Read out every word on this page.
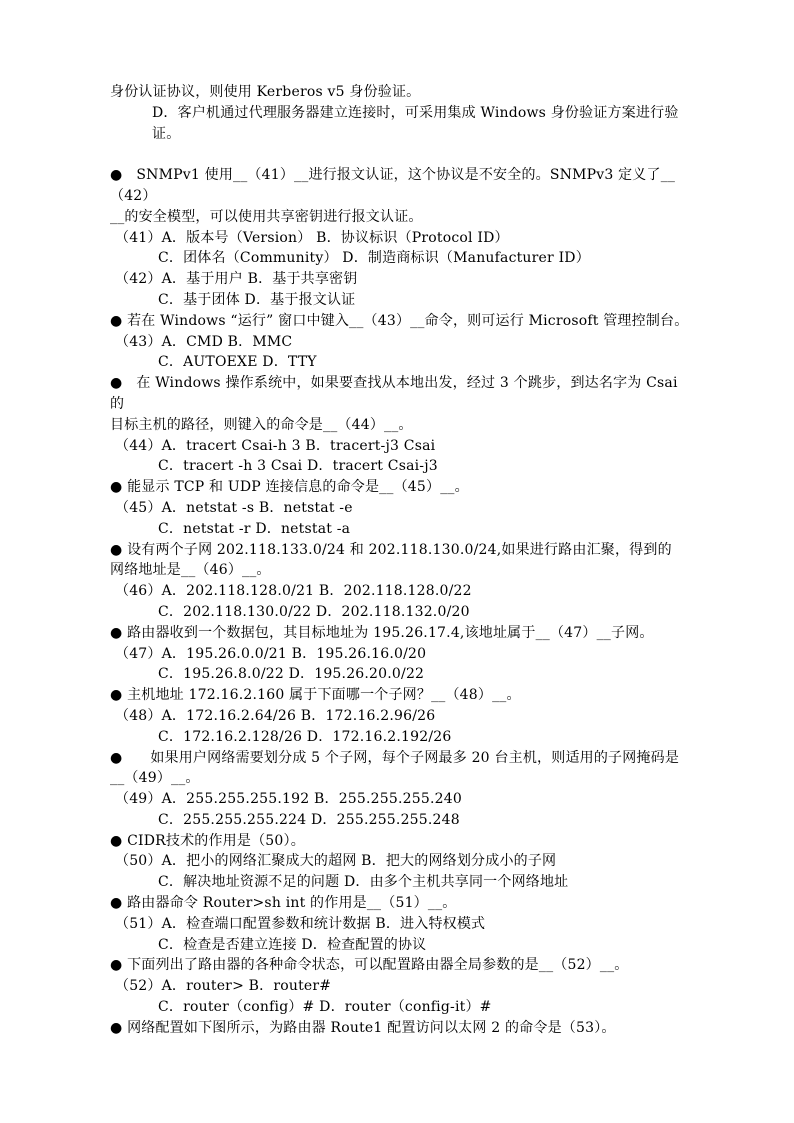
身份认证协议，则使用 Kerberos v5 身份验证。
D．客户机通过代理服务器建立连接时，可采用集成 Windows 身份验证方案进行验证。
●   SNMPv1 使用__（41）__进行报文认证，这个协议是不安全的。SNMPv3 定义了__（42）
__的安全模型，可以使用共享密钥进行报文认证。
（41）A．版本号（Version） B．协议标识（Protocol ID）
C．团体名（Community） D．制造商标识（Manufacturer ID）
（42）A．基于用户 B．基于共享密钥
C．基于团体 D．基于报文认证
● 若在 Windows “运行” 窗口中键入__（43）__命令，则可运行 Microsoft 管理控制台。
（43）A．CMD B．MMC
C．AUTOEXE D．TTY
●   在 Windows 操作系统中，如果要查找从本地出发，经过 3 个跳步，到达名字为 Csai 的
目标主机的路径，则键入的命令是__（44）__。
（44）A．tracert Csai-h 3 B．tracert-j3 Csai
C．tracert -h 3 Csai D．tracert Csai-j3
● 能显示 TCP 和 UDP 连接信息的命令是__（45）__。
（45）A．netstat -s B．netstat -e
C．netstat -r D．netstat -a
● 设有两个子网 202.118.133.0/24 和 202.118.130.0/24,如果进行路由汇聚，得到的
网络地址是__（46）__。
（46）A．202.118.128.0/21 B．202.118.128.0/22
C．202.118.130.0/22 D．202.118.132.0/20
● 路由器收到一个数据包，其目标地址为 195.26.17.4,该地址属于__（47）__子网。
（47）A．195.26.0.0/21 B．195.26.16.0/20
C．195.26.8.0/22 D．195.26.20.0/22
● 主机地址 172.16.2.160 属于下面哪一个子网？__（48）__。
（48）A．172.16.2.64/26 B．172.16.2.96/26
C．172.16.2.128/26 D．172.16.2.192/26
●      如果用户网络需要划分成 5 个子网，每个子网最多 20 台主机，则适用的子网掩码是
__（49）__。
（49）A．255.255.255.192 B．255.255.255.240
C．255.255.255.224 D．255.255.255.248
● CIDR技术的作用是（50）。
（50）A．把小的网络汇聚成大的超网 B．把大的网络划分成小的子网
C．解决地址资源不足的问题 D．由多个主机共享同一个网络地址
● 路由器命令 Router>sh int 的作用是__（51）__。
（51）A．检查端口配置参数和统计数据 B．进入特权模式
C．检查是否建立连接 D．检查配置的协议
● 下面列出了路由器的各种命令状态，可以配置路由器全局参数的是__（52）__。
（52）A．router> B．router#
C．router（config）# D．router（config-it）#
● 网络配置如下图所示，为路由器 Route1 配置访问以太网 2 的命令是（53）。
